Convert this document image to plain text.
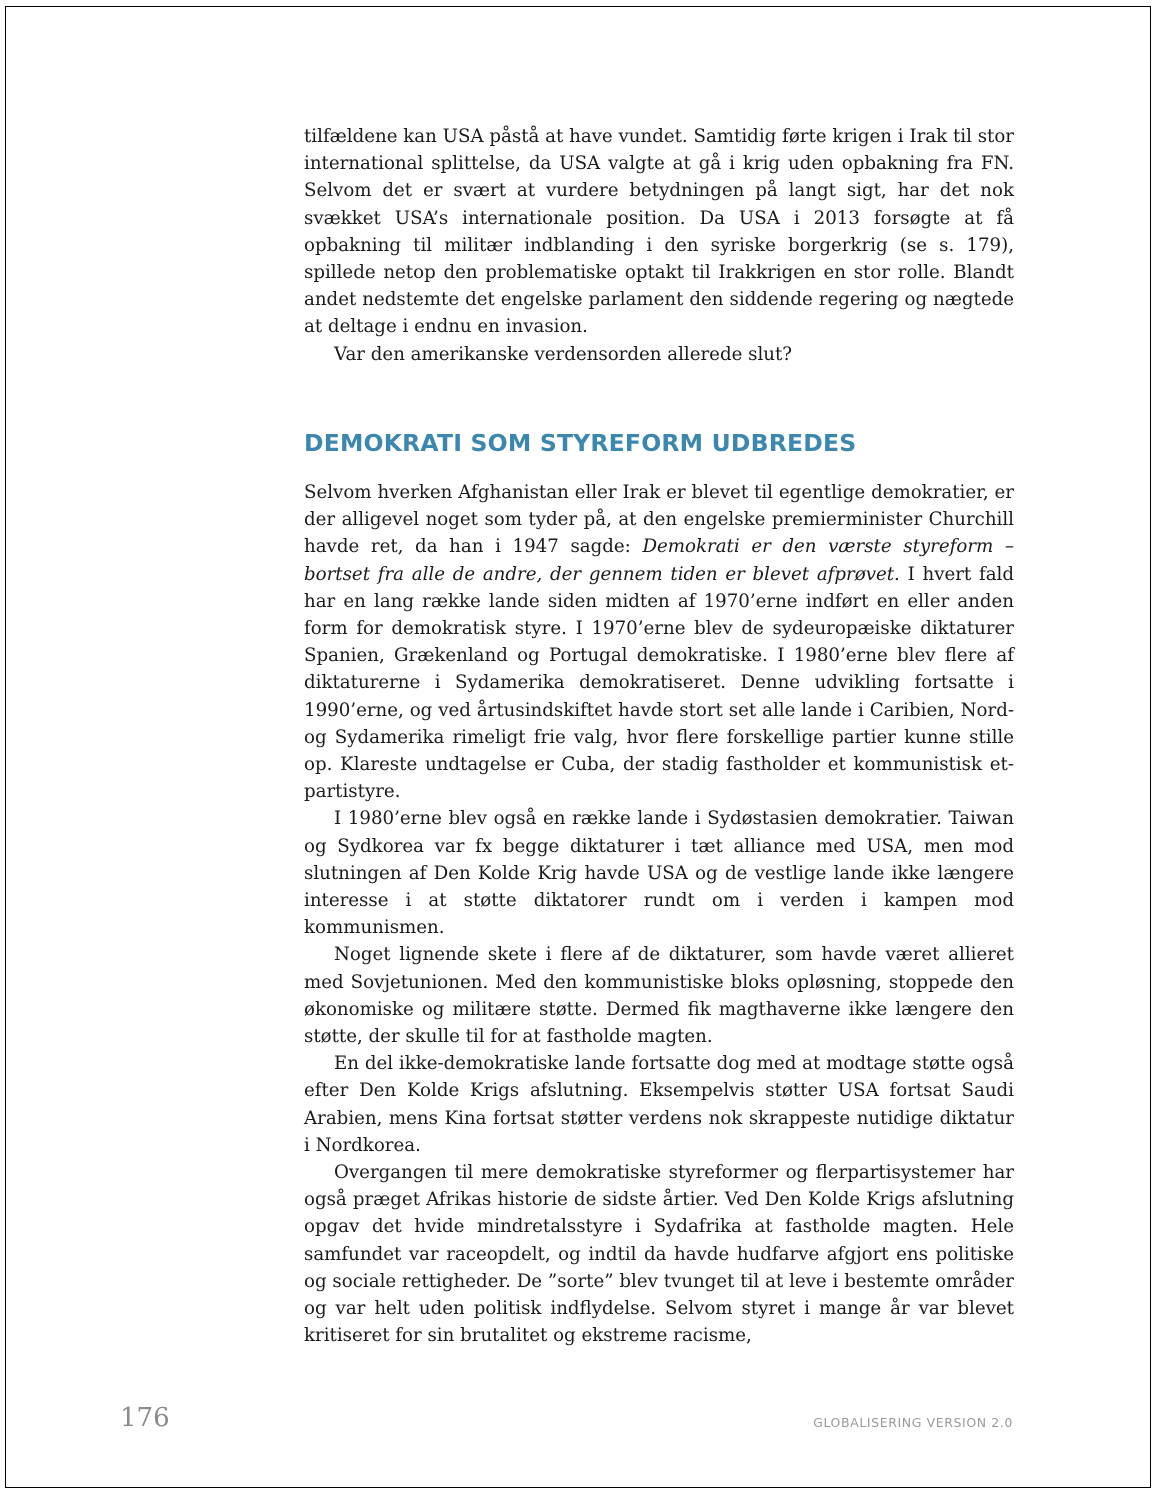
tilfældene kan USA påstå at have vundet. Samtidig førte krigen i Irak til stor international splittelse, da USA valgte at gå i krig uden opbakning fra FN. Selvom det er svært at vurdere betydningen på langt sigt, har det nok svækket USA’s internationale position. Da USA i 2013 forsøgte at få opbakning til militær indblanding i den syriske borgerkrig (se s. 179), spillede netop den problematiske optakt til Irakkrigen en stor rolle. Blandt andet nedstemte det engelske parlament den siddende regering og nægtede at deltage i endnu en invasion.

Var den amerikanske verdensorden allerede slut?

DEMOKRATI SOM STYREFORM UDBREDES

Selvom hverken Afghanistan eller Irak er blevet til egentlige demokratier, er der alligevel noget som tyder på, at den engelske premierminister Churchill havde ret, da han i 1947 sagde: Demokrati er den værste styreform – bortset fra alle de andre, der gennem tiden er blevet afprøvet. I hvert fald har en lang række lande siden midten af 1970’erne indført en eller anden form for demokratisk styre. I 1970’erne blev de sydeuropæiske diktaturer Spanien, Grækenland og Portugal demokratiske. I 1980’erne blev flere af diktaturerne i Sydamerika demokratiseret. Denne udvikling fortsatte i 1990’erne, og ved årtusindskiftet havde stort set alle lande i Caribien, Nord- og Sydamerika rimeligt frie valg, hvor flere forskellige partier kunne stille op. Klareste undtagelse er Cuba, der stadig fastholder et kommunistisk et-partistyre.

I 1980’erne blev også en række lande i Sydøstasien demokratier. Taiwan og Sydkorea var fx begge diktaturer i tæt alliance med USA, men mod slutningen af Den Kolde Krig havde USA og de vestlige lande ikke længere interesse i at støtte diktatorer rundt om i verden i kampen mod kommunismen.

Noget lignende skete i flere af de diktaturer, som havde været allieret med Sovjetunionen. Med den kommunistiske bloks opløsning, stoppede den økonomiske og militære støtte. Dermed fik magthaverne ikke længere den støtte, der skulle til for at fastholde magten.

En del ikke-demokratiske lande fortsatte dog med at modtage støtte også efter Den Kolde Krigs afslutning. Eksempelvis støtter USA fortsat Saudi Arabien, mens Kina fortsat støtter verdens nok skrappeste nutidige diktatur i Nordkorea.

Overgangen til mere demokratiske styreformer og flerpartisystemer har også præget Afrikas historie de sidste årtier. Ved Den Kolde Krigs afslutning opgav det hvide mindretalsstyre i Sydafrika at fastholde magten. Hele samfundet var raceopdelt, og indtil da havde hudfarve afgjort ens politiske og sociale rettigheder. De ”sorte” blev tvunget til at leve i bestemte områder og var helt uden politisk indflydelse. Selvom styret i mange år var blevet kritiseret for sin brutalitet og ekstreme racisme,

176	GLOBALISERING VERSION 2.0
